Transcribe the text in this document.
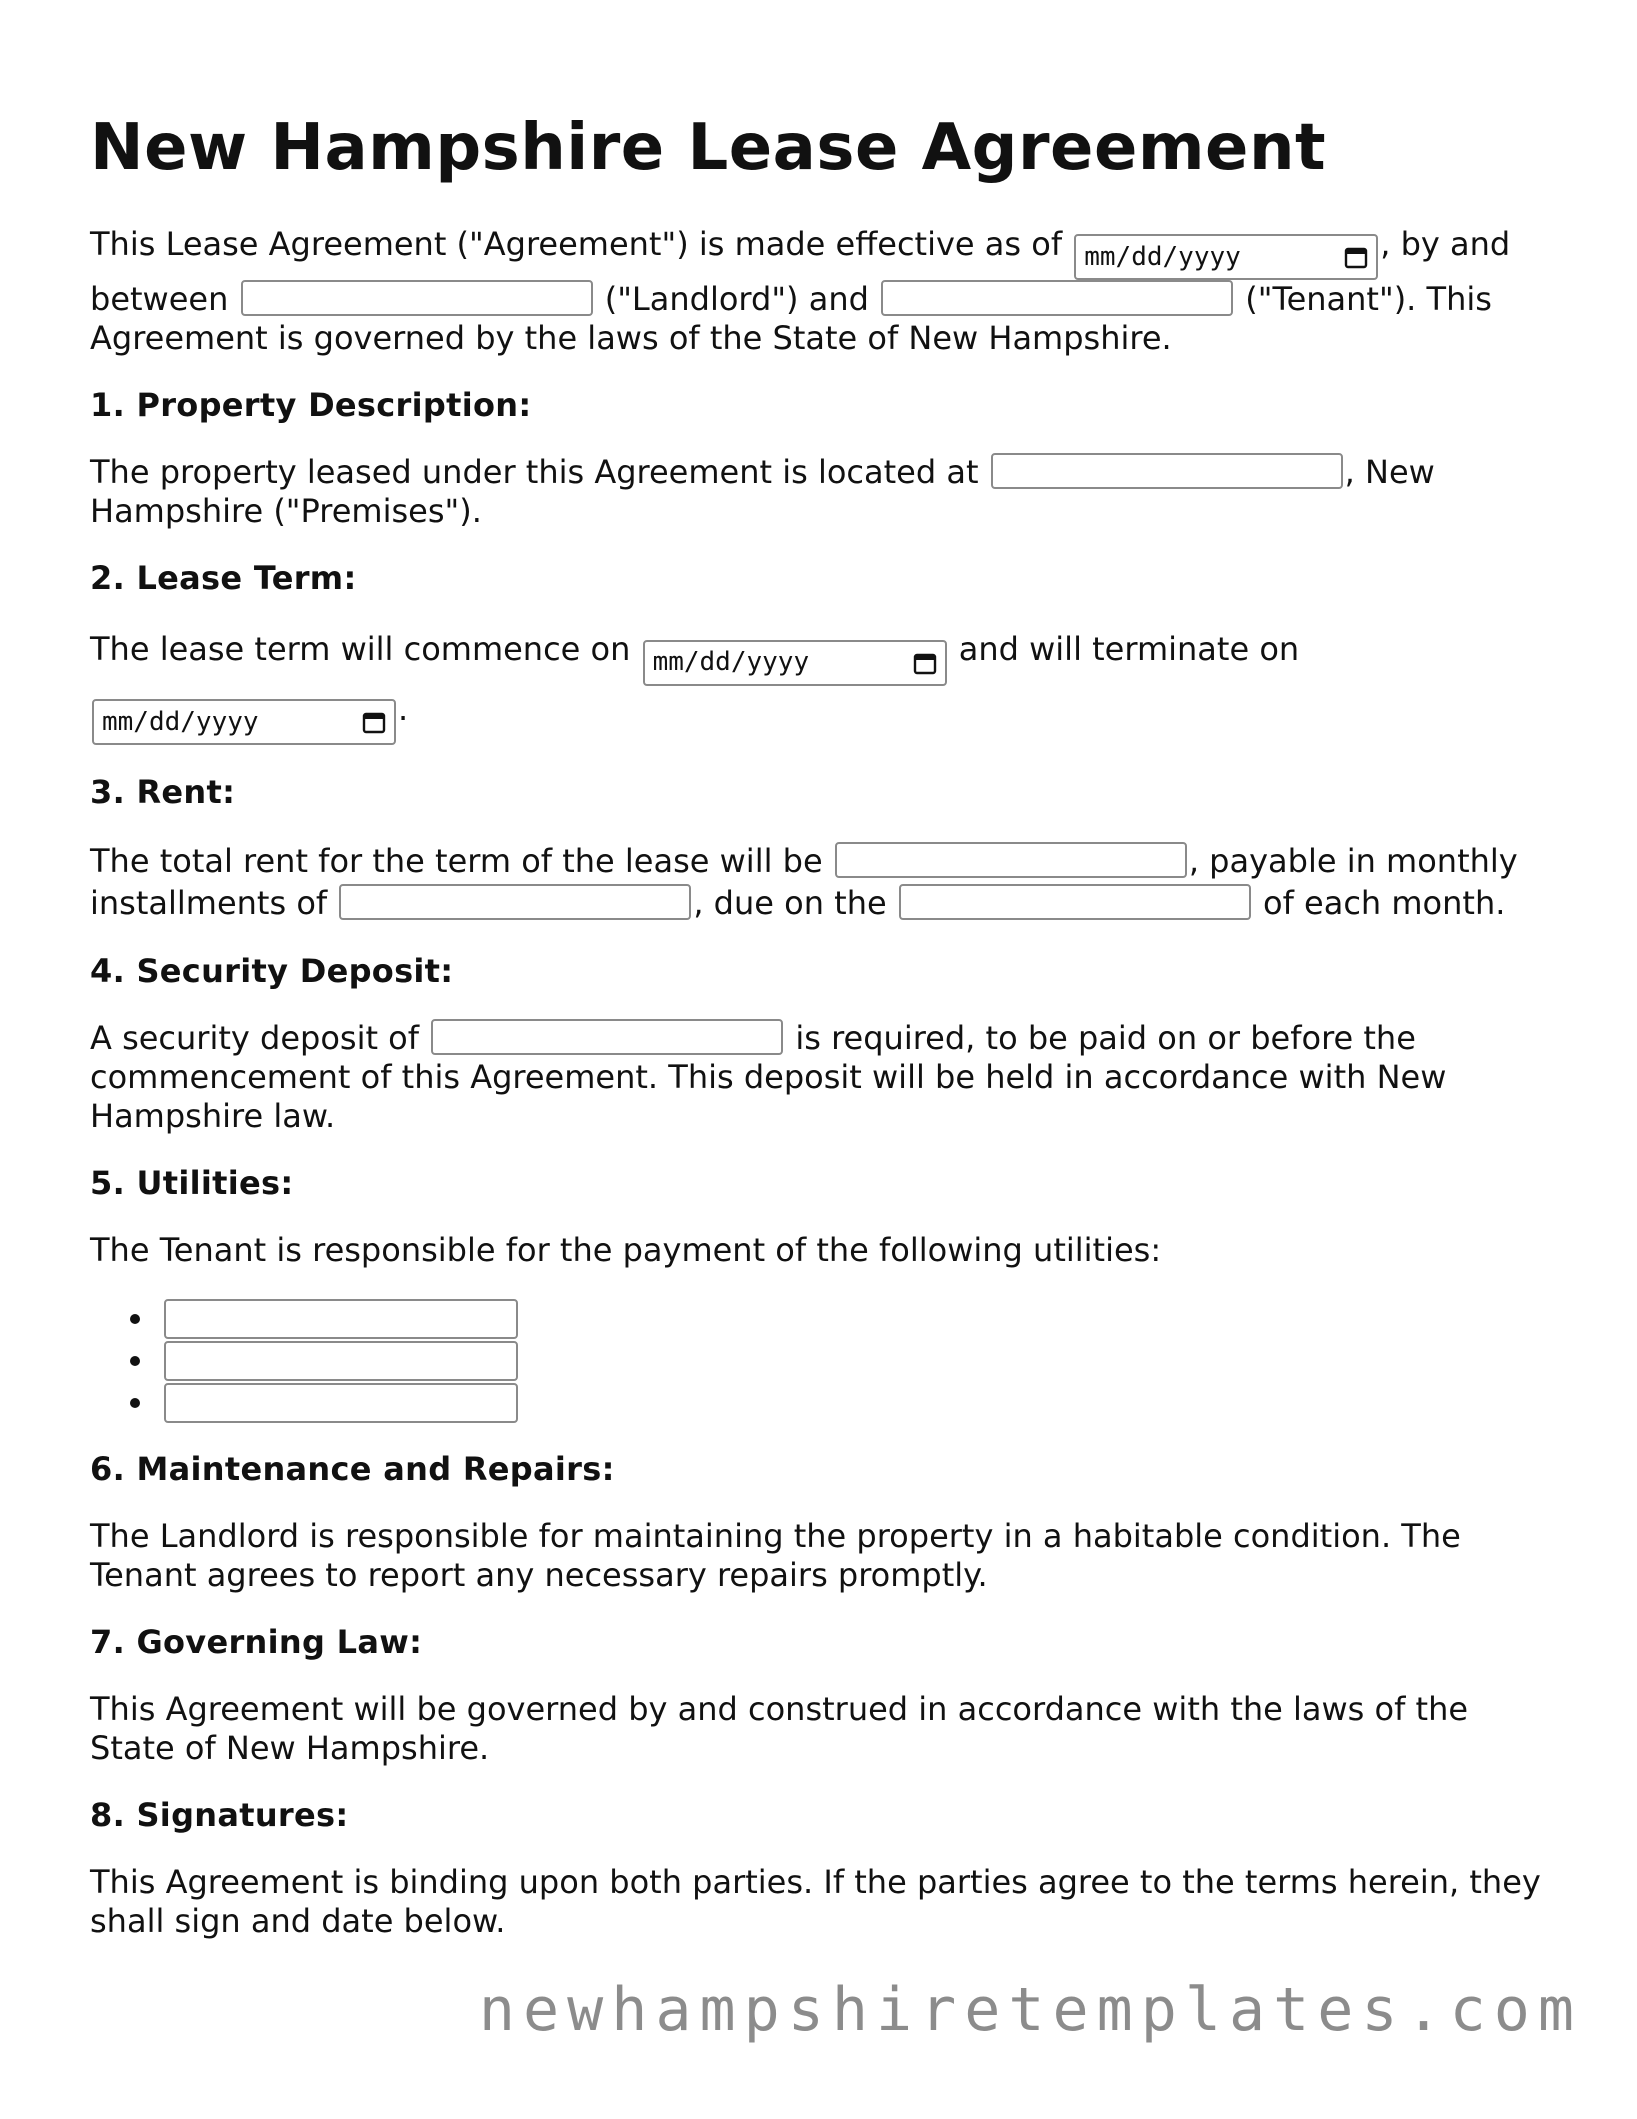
New Hampshire Lease Agreement

This Lease Agreement ("Agreement") is made effective as of mm/dd/yyyy	, by and between	("Landlord") and	("Tenant"). This Agreement is governed by the laws of the State of New Hampshire.

1. Property Description:

The property leased under this Agreement is located at	, New Hampshire ("Premises").

2. Lease Term:

The lease term will commence on mm/dd/yyyy	and will terminate on
mm/dd/yyyy	.

3. Rent:

The total rent for the term of the lease will be	, payable in monthly installments of	, due on the	of each month.

4. Security Deposit:

A security deposit of	is required, to be paid on or before the commencement of this Agreement. This deposit will be held in accordance with New Hampshire law.

5. Utilities:

The Tenant is responsible for the payment of the following utilities:

6. Maintenance and Repairs:

The Landlord is responsible for maintaining the property in a habitable condition. The Tenant agrees to report any necessary repairs promptly.

7. Governing Law:

This Agreement will be governed by and construed in accordance with the laws of the State of New Hampshire.

8. Signatures:

This Agreement is binding upon both parties. If the parties agree to the terms herein, they shall sign and date below.

newhampshiretemplates.com
